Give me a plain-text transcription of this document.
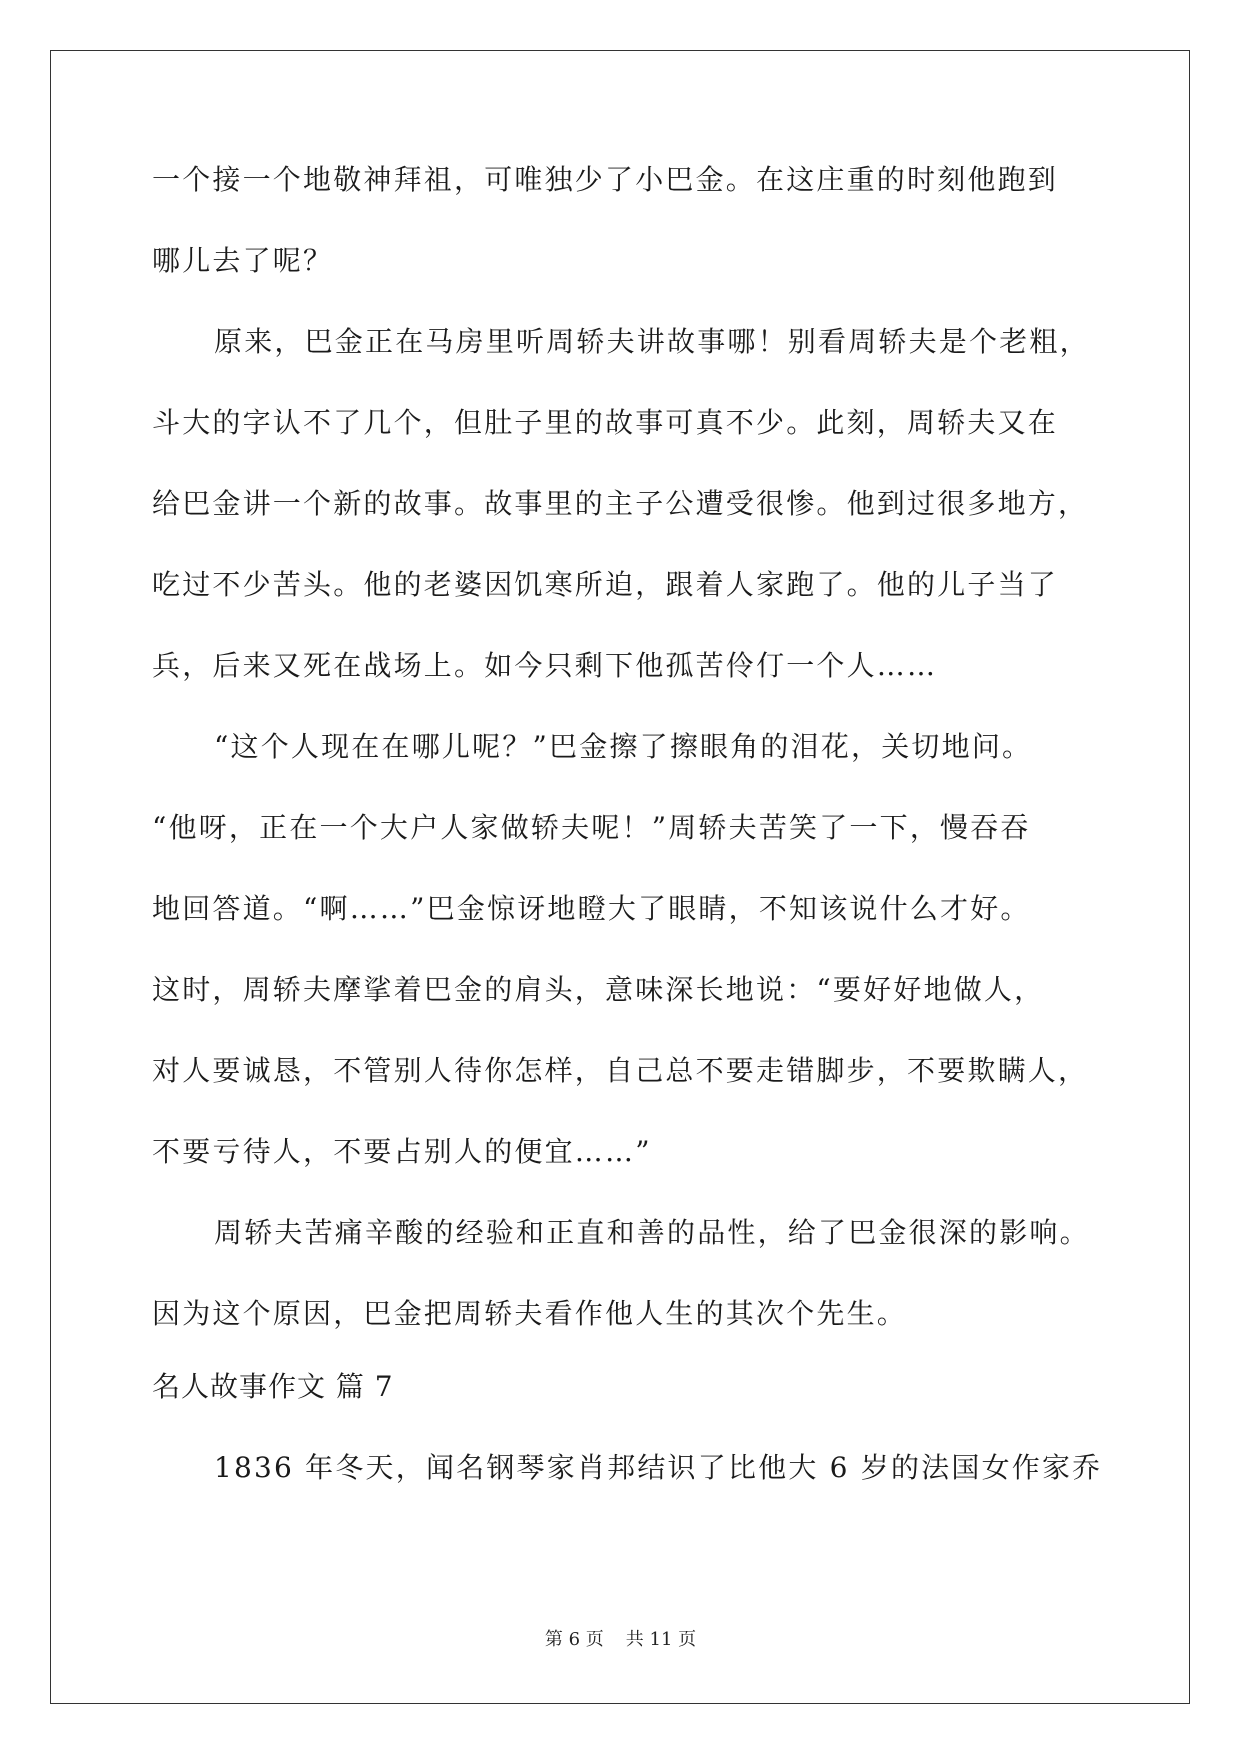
一个接一个地敬神拜祖，可唯独少了小巴金。在这庄重的时刻他跑到
哪儿去了呢？
原来，巴金正在马房里听周轿夫讲故事哪！别看周轿夫是个老粗，
斗大的字认不了几个，但肚子里的故事可真不少。此刻，周轿夫又在
给巴金讲一个新的故事。故事里的主子公遭受很惨。他到过很多地方，
吃过不少苦头。他的老婆因饥寒所迫，跟着人家跑了。他的儿子当了
兵，后来又死在战场上。如今只剩下他孤苦伶仃一个人……
“这个人现在在哪儿呢？”巴金擦了擦眼角的泪花，关切地问。
“他呀，正在一个大户人家做轿夫呢！”周轿夫苦笑了一下，慢吞吞
地回答道。“啊……”巴金惊讶地瞪大了眼睛，不知该说什么才好。
这时，周轿夫摩挲着巴金的肩头，意味深长地说：“要好好地做人，
对人要诚恳，不管别人待你怎样，自己总不要走错脚步，不要欺瞒人，
不要亏待人，不要占别人的便宜……”
周轿夫苦痛辛酸的经验和正直和善的品性，给了巴金很深的影响。
因为这个原因，巴金把周轿夫看作他人生的其次个先生。
名人故事作文 篇 7
1836 年冬天，闻名钢琴家肖邦结识了比他大 6 岁的法国女作家乔
第 6 页 共 11 页
